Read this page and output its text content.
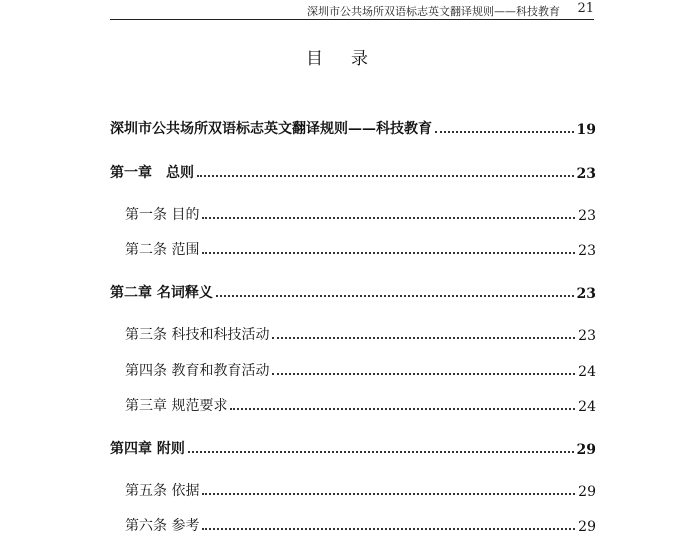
深圳市公共场所双语标志英文翻译规则——科技教育 21
目录
深圳市公共场所双语标志英文翻译规则——科技教育	19
第一章　总则	23
第一条 目的	23
第二条 范围	23
第二章 名词释义	23
第三条 科技和科技活动	23
第四条 教育和教育活动	24
第三章 规范要求	24
第四章 附则	29
第五条 依据	29
第六条 参考	29
